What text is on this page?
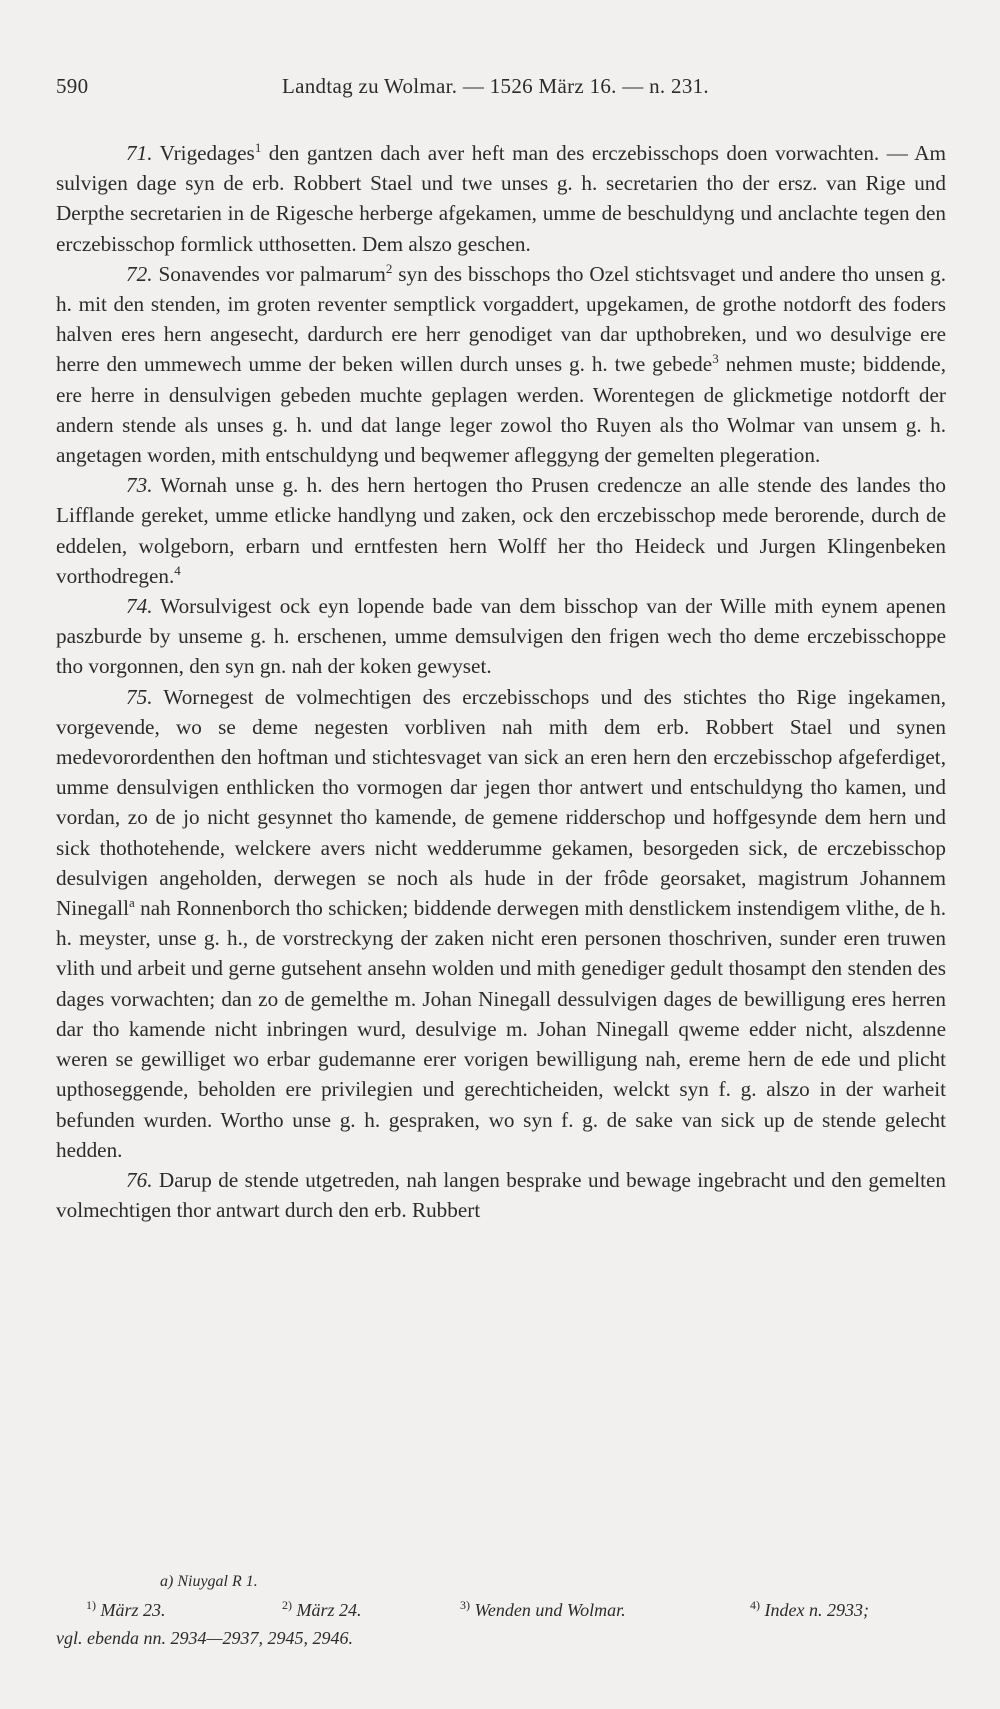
590	Landtag zu Wolmar. — 1526 März 16. — n. 231.

71. Vrigedages$^1$ den gantzen dach aver heft man des erczebisschops doen vorwachten. — Am sulvigen dage syn de erb. Robbert Stael und twe unses g. h. secretarien tho der ersz. van Rige und Derpthe secretarien in de Rigesche herberge afgekamen, umme de beschuldyng und anclachte tegen den erczebisschop formlick utthosetten. Dem alszo geschen.

72. Sonavendes vor palmarum$^2$ syn des bisschops tho Ozel stichtsvaget und andere tho unsen g. h. mit den stenden, im groten reventer semptlick vorgaddert, upgekamen, de grothe notdorft des foders halven eres hern angesecht, dardurch ere herr genodiget van dar upthobreken, und wo desulvige ere herre den ummewech umme der beken willen durch unses g. h. twe gebede$^3$ nehmen muste; biddende, ere herre in densulvigen gebeden muchte geplagen werden. Worentegen de glickmetige notdorft der andern stende als unses g. h. und dat lange leger zowol tho Ruyen als tho Wolmar van unsem g. h. angetagen worden, mith entschuldyng und beqwemer afleggyng der gemelten plegeration.

73. Wornah unse g. h. des hern hertogen tho Prusen credencze an alle stende des landes tho Lifflande gereket, umme etlicke handlyng und zaken, ock den erczebisschop mede berorende, durch de eddelen, wolgeborn, erbarn und erntfesten hern Wolff her tho Heideck und Jurgen Klingenbeken vorthodregen.$^4$

74. Worsulvigest ock eyn lopende bade van dem bisschop van der Wille mith eynem apenen paszburde by unseme g. h. erschenen, umme demsulvigen den frigen wech tho deme erczebisschoppe tho vorgonnen, den syn gn. nah der koken gewyset.

75. Wornegest de volmechtigen des erczebisschops und des stichtes tho Rige ingekamen, vorgevende, wo se deme negesten vorbliven nah mith dem erb. Robbert Stael und synen medevorordenthen den hoftman und stichtesvaget van sick an eren hern den erczebisschop afgeferdiget, umme densulvigen enthlicken tho vormogen dar jegen thor antwert und entschuldyng tho kamen, und vordan, zo de jo nicht gesynnet tho kamende, de gemene ridderschop und hoffgesynde dem hern und sick thothotehende, welckere avers nicht wedderumme gekamen, besorgeden sick, de erczebisschop desulvigen angeholden, derwegen se noch als hude in der frôde georsaket, magistrum Johannem Ninegall$^a$ nah Ronnenborch tho schicken; biddende derwegen mith denstlickem instendigem vlithe, de h. h. meyster, unse g. h., de vorstreckyng der zaken nicht eren personen thoschriven, sunder eren truwen vlith und arbeit und gerne gutsehent ansehn wolden und mith genediger gedult thosampt den stenden des dages vorwachten; dan zo de gemelthe m. Johan Ninegall dessulvigen dages de bewilligung eres herren dar tho kamende nicht inbringen wurd, desulvige m. Johan Ninegall qweme edder nicht, alszdenne weren se gewilliget wo erbar gudemanne erer vorigen bewilligung nah, ereme hern de ede und plicht upthoseggende, beholden ere privilegien und gerechticheiden, welckt syn f. g. alszo in der warheit befunden wurden. Wortho unse g. h. gespraken, wo syn f. g. de sake van sick up de stende gelecht hedden.

76. Darup de stende utgetreden, nah langen besprake und bewage ingebracht und den gemelten volmechtigen thor antwart durch den erb. Rubbert

a) Niuygal R 1.
$^{1)}$ März 23.	$^{2)}$ März 24.	$^{3)}$ Wenden und Wolmar.	$^{4)}$ Index n. 2933;
vgl. ebenda nn. 2934—2937, 2945, 2946.
